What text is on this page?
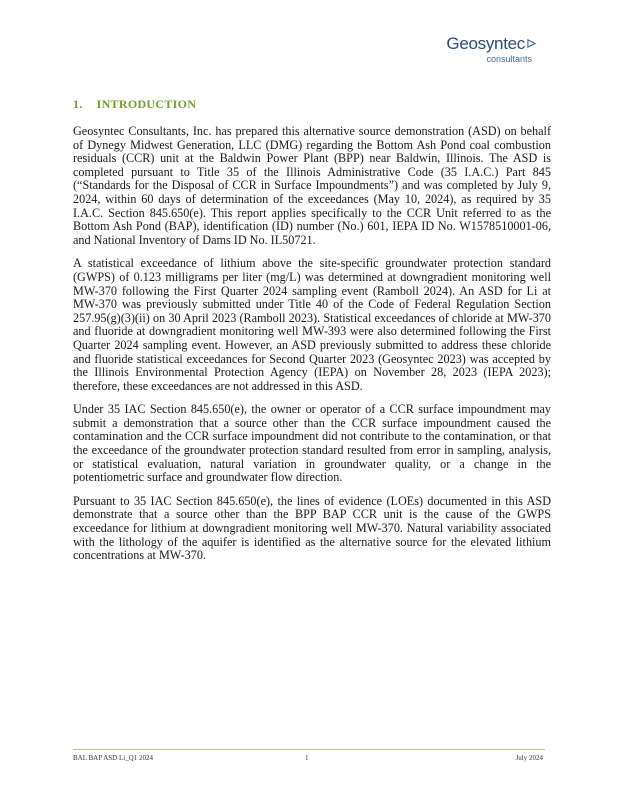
Geosyntec
consultants
1. INTRODUCTION

Geosyntec Consultants, Inc. has prepared this alternative source demonstration (ASD) on behalf of Dynegy Midwest Generation, LLC (DMG) regarding the Bottom Ash Pond coal combustion residuals (CCR) unit at the Baldwin Power Plant (BPP) near Baldwin, Illinois. The ASD is completed pursuant to Title 35 of the Illinois Administrative Code (35 I.A.C.) Part 845 (“Standards for the Disposal of CCR in Surface Impoundments”) and was completed by July 9, 2024, within 60 days of determination of the exceedances (May 10, 2024), as required by 35 I.A.C. Section 845.650(e). This report applies specifically to the CCR Unit referred to as the Bottom Ash Pond (BAP), identification (ID) number (No.) 601, IEPA ID No. W1578510001-06, and National Inventory of Dams ID No. IL50721.

A statistical exceedance of lithium above the site-specific groundwater protection standard (GWPS) of 0.123 milligrams per liter (mg/L) was determined at downgradient monitoring well MW-370 following the First Quarter 2024 sampling event (Ramboll 2024). An ASD for Li at MW-370 was previously submitted under Title 40 of the Code of Federal Regulation Section 257.95(g)(3)(ii) on 30 April 2023 (Ramboll 2023). Statistical exceedances of chloride at MW-370 and fluoride at downgradient monitoring well MW-393 were also determined following the First Quarter 2024 sampling event. However, an ASD previously submitted to address these chloride and fluoride statistical exceedances for Second Quarter 2023 (Geosyntec 2023) was accepted by the Illinois Environmental Protection Agency (IEPA) on November 28, 2023 (IEPA 2023); therefore, these exceedances are not addressed in this ASD.

Under 35 IAC Section 845.650(e), the owner or operator of a CCR surface impoundment may submit a demonstration that a source other than the CCR surface impoundment caused the contamination and the CCR surface impoundment did not contribute to the contamination, or that the exceedance of the groundwater protection standard resulted from error in sampling, analysis, or statistical evaluation, natural variation in groundwater quality, or a change in the potentiometric surface and groundwater flow direction.

Pursuant to 35 IAC Section 845.650(e), the lines of evidence (LOEs) documented in this ASD demonstrate that a source other than the BPP BAP CCR unit is the cause of the GWPS exceedance for lithium at downgradient monitoring well MW-370. Natural variability associated with the lithology of the aquifer is identified as the alternative source for the elevated lithium concentrations at MW-370.

BAL BAP ASD Li_Q1 2024	1	July 2024
